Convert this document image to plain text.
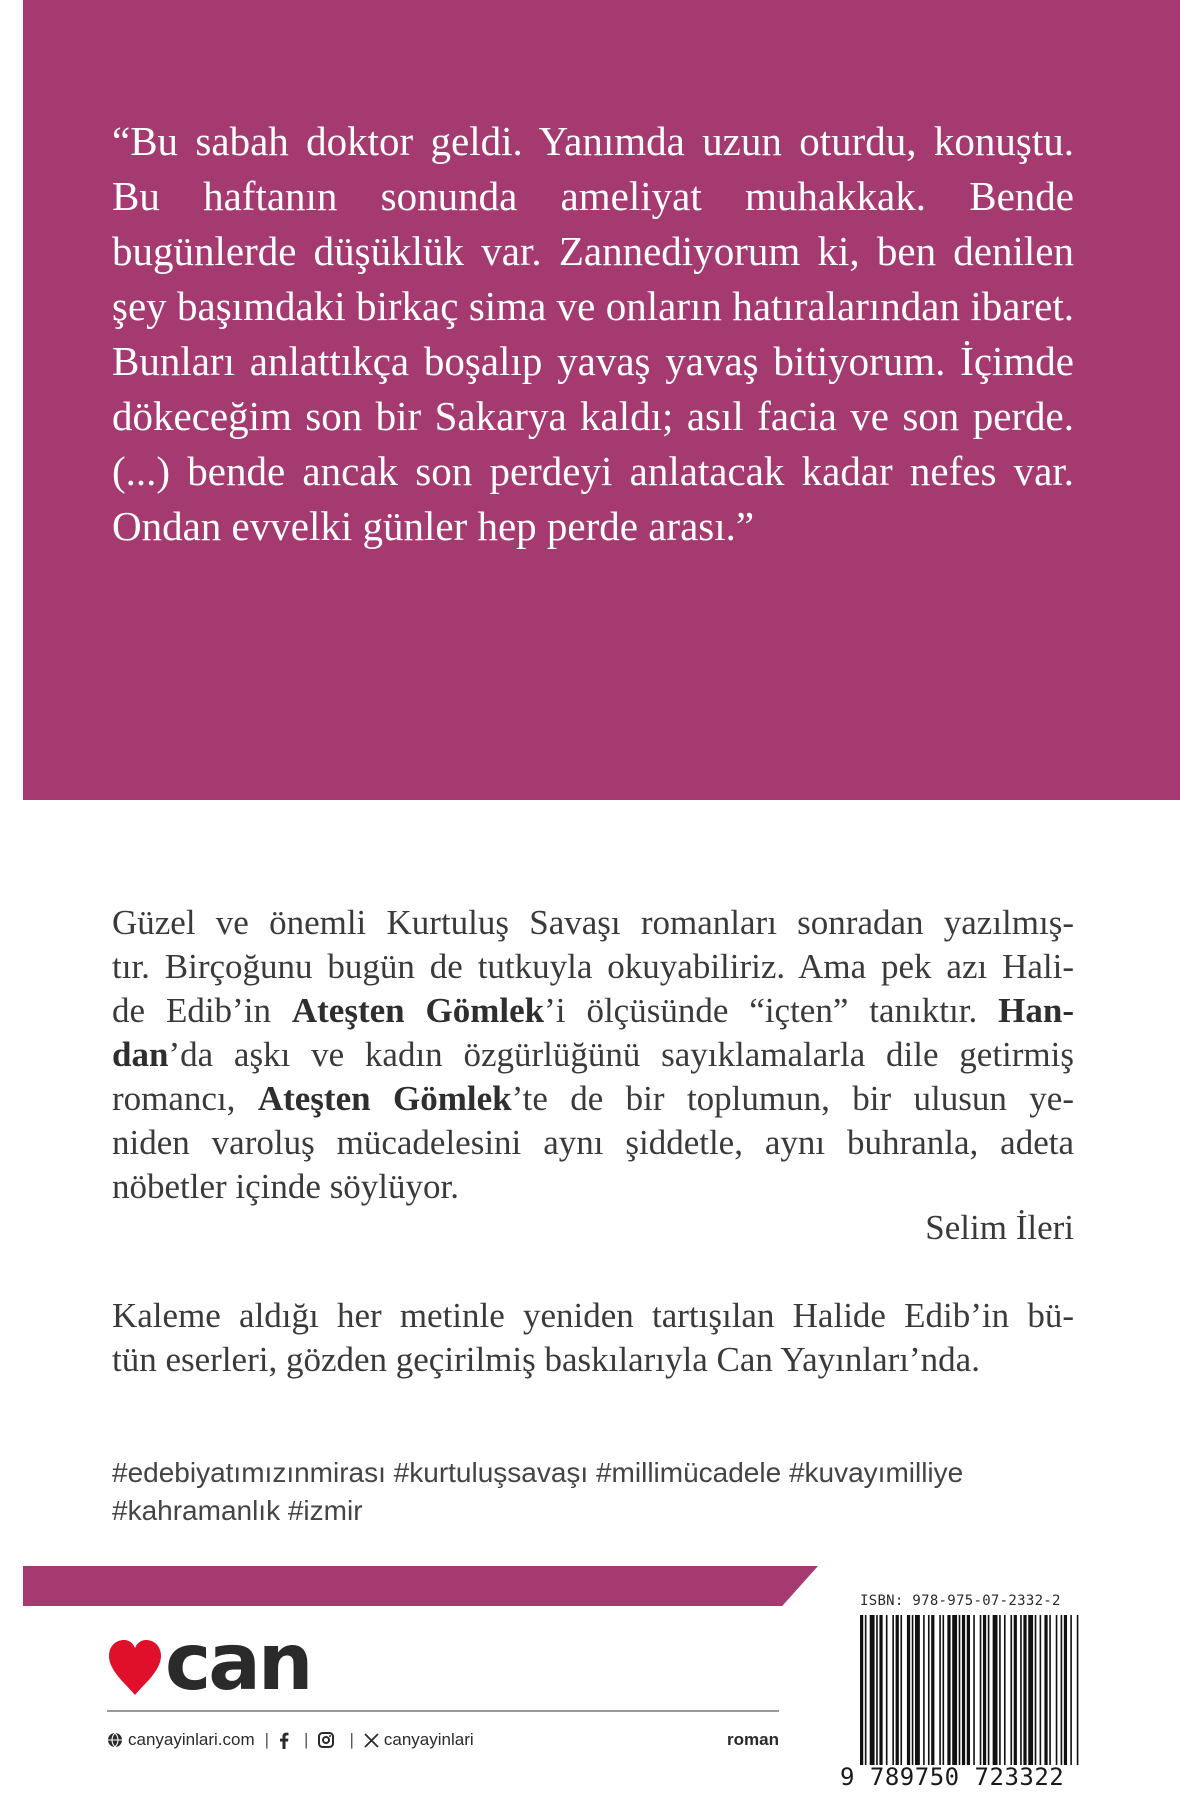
“Bu sabah doktor geldi. Yanımda uzun oturdu, konuştu. Bu haftanın sonunda ameliyat muhakkak. Bende bugünlerde düşüklük var. Zannediyorum ki, ben denilen şey başımdaki birkaç sima ve onların hatıralarından ibaret. Bunları anlattıkça boşalıp yavaş yavaş bitiyorum. İçimde dökeceğim son bir Sakarya kaldı; asıl facia ve son perde. (...) bende ancak son perdeyi anlatacak kadar nefes var. Ondan evvelki günler hep perde arası.”
Güzel ve önemli Kurtuluş Savaşı romanları sonradan yazılmış-
tır. Birçoğunu bugün de tutkuyla okuyabiliriz. Ama pek azı Hali-
de Edib’in Ateşten Gömlek’i ölçüsünde “içten” tanıktır. Han-
dan’da aşkı ve kadın özgürlüğünü sayıklamalarla dile getirmiş
romancı, Ateşten Gömlek’te de bir toplumun, bir ulusun ye-
niden varoluş mücadelesini aynı şiddetle, aynı buhranla, adeta
nöbetler içinde söylüyor.
Selim İleri
Kaleme aldığı her metinle yeniden tartışılan Halide Edib’in bü-
tün eserleri, gözden geçirilmiş baskılarıyla Can Yayınları’nda.
#edebiyatımızınmirası #kurtuluşsavaşı #millimücadele #kuvayımilliye
#kahramanlık #izmir
can
canyayinlari.com | | | canyayinlari	roman
ISBN: 978-975-07-2332-2
9 789750 723322
